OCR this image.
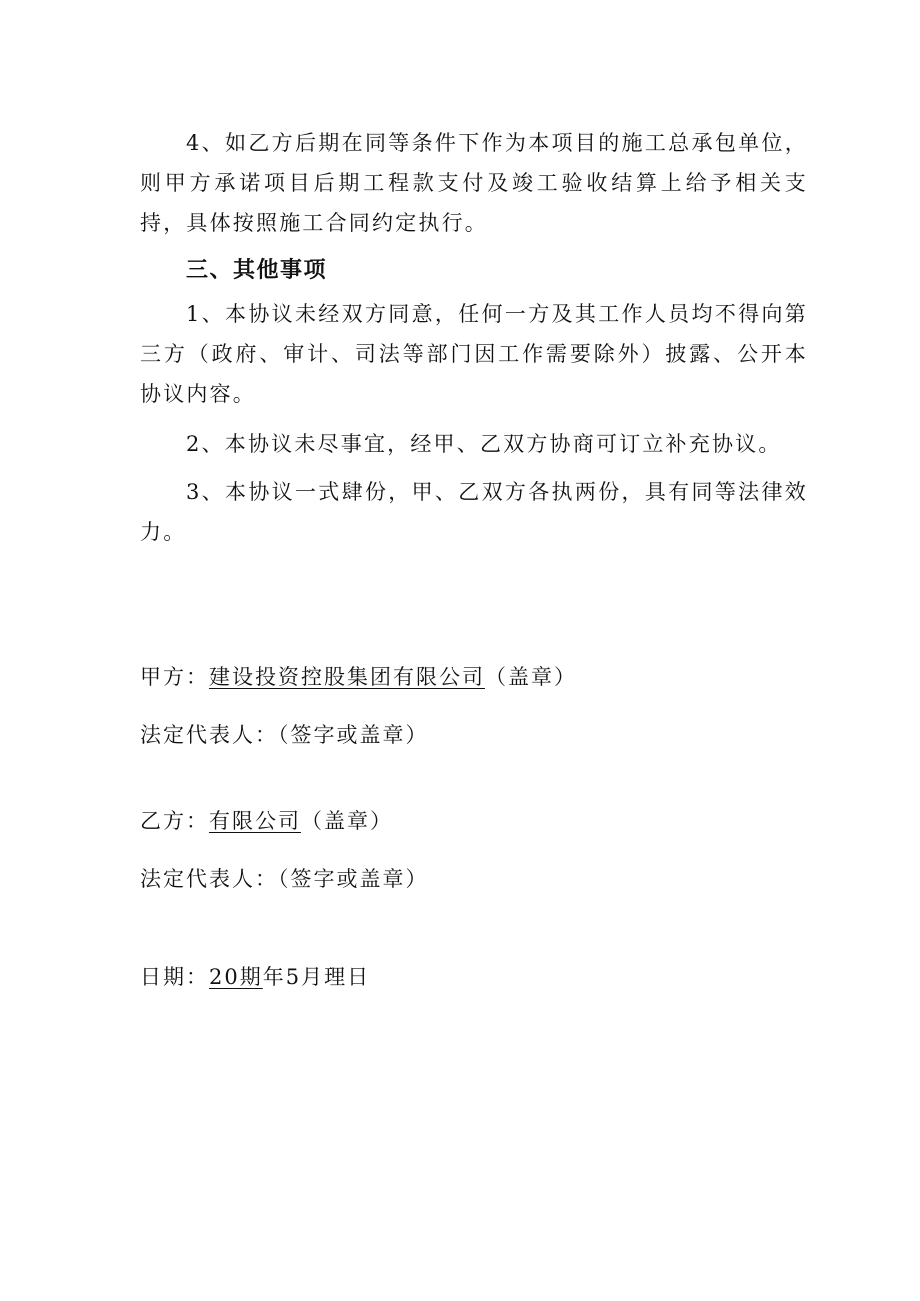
4、如乙方后期在同等条件下作为本项目的施工总承包单位，则甲方承诺项目后期工程款支付及竣工验收结算上给予相关支持，具体按照施工合同约定执行。

三、其他事项

1、本协议未经双方同意，任何一方及其工作人员均不得向第三方（政府、审计、司法等部门因工作需要除外）披露、公开本协议内容。

2、本协议未尽事宜，经甲、乙双方协商可订立补充协议。

3、本协议一式肆份，甲、乙双方各执两份，具有同等法律效力。

甲方：建设投资控股集团有限公司（盖章）

法定代表人：（签字或盖章）

乙方：有限公司（盖章）

法定代表人：（签字或盖章）

日期：20期年5月理日
